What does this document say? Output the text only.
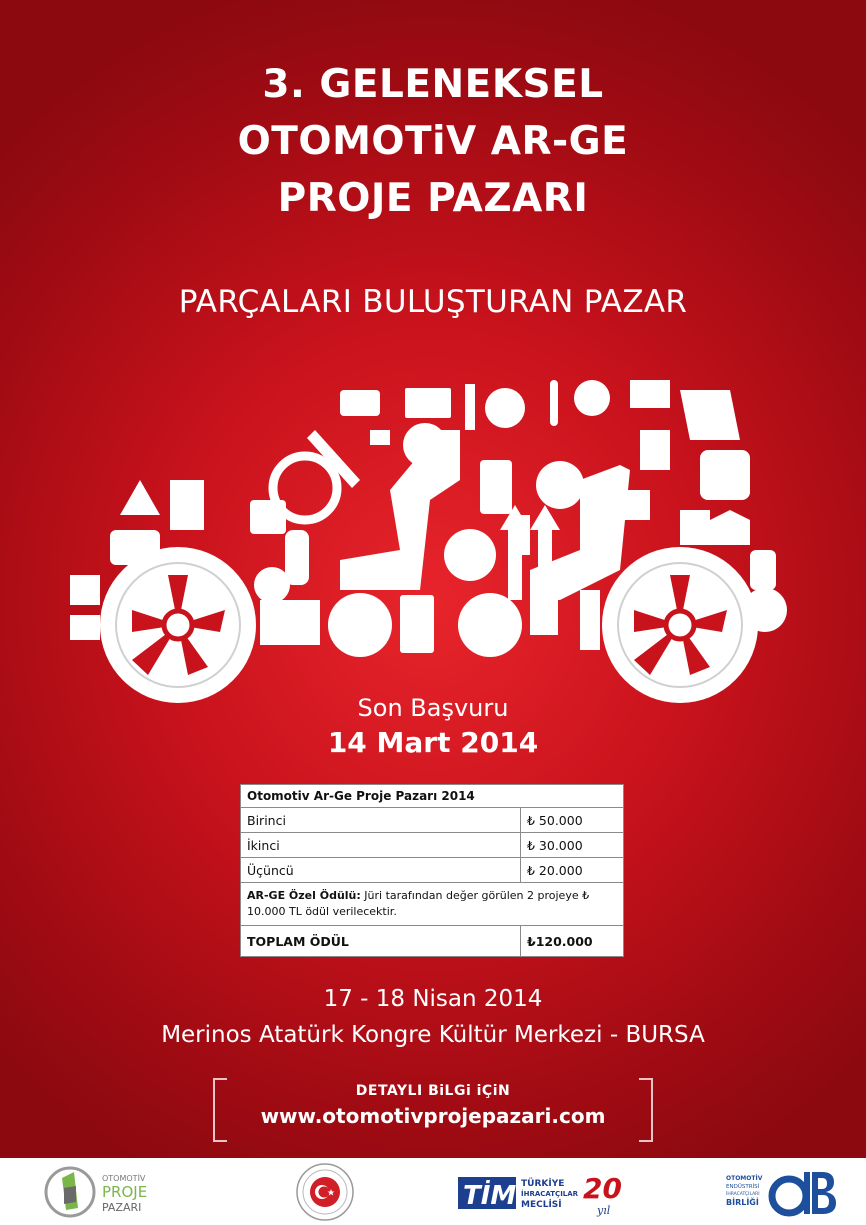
3. GELENEKSEL
OTOMOTiV AR-GE
PROJE PAZARI
PARÇALARI BULUŞTURAN PAZAR
Son Başvuru
14 Mart 2014
Otomotiv Ar-Ge Proje Pazarı 2014	
Birinci	₺ 50.000
İkinci	₺ 30.000
Üçüncü	₺ 20.000
AR-GE Özel Ödülü: Jüri tarafından değer görülen 2 projeye ₺ 10.000 TL ödül verilecektir.	
TOPLAM ÖDÜL	₺120.000
17 - 18 Nisan 2014
Merinos Atatürk Kongre Kültür Merkezi - BURSA
DETAYLI BiLGi iÇiN
www.otomotivprojepazari.com
OTOMOTİV
PROJE
PAZARI	TİM TÜRKİYE
İHRACATÇILAR
MECLİSİ 20
yıl
OTOMOTİV
ENDÜSTRİSİ
İHRACATÇILARI
BİRLİĞİ
OİB
